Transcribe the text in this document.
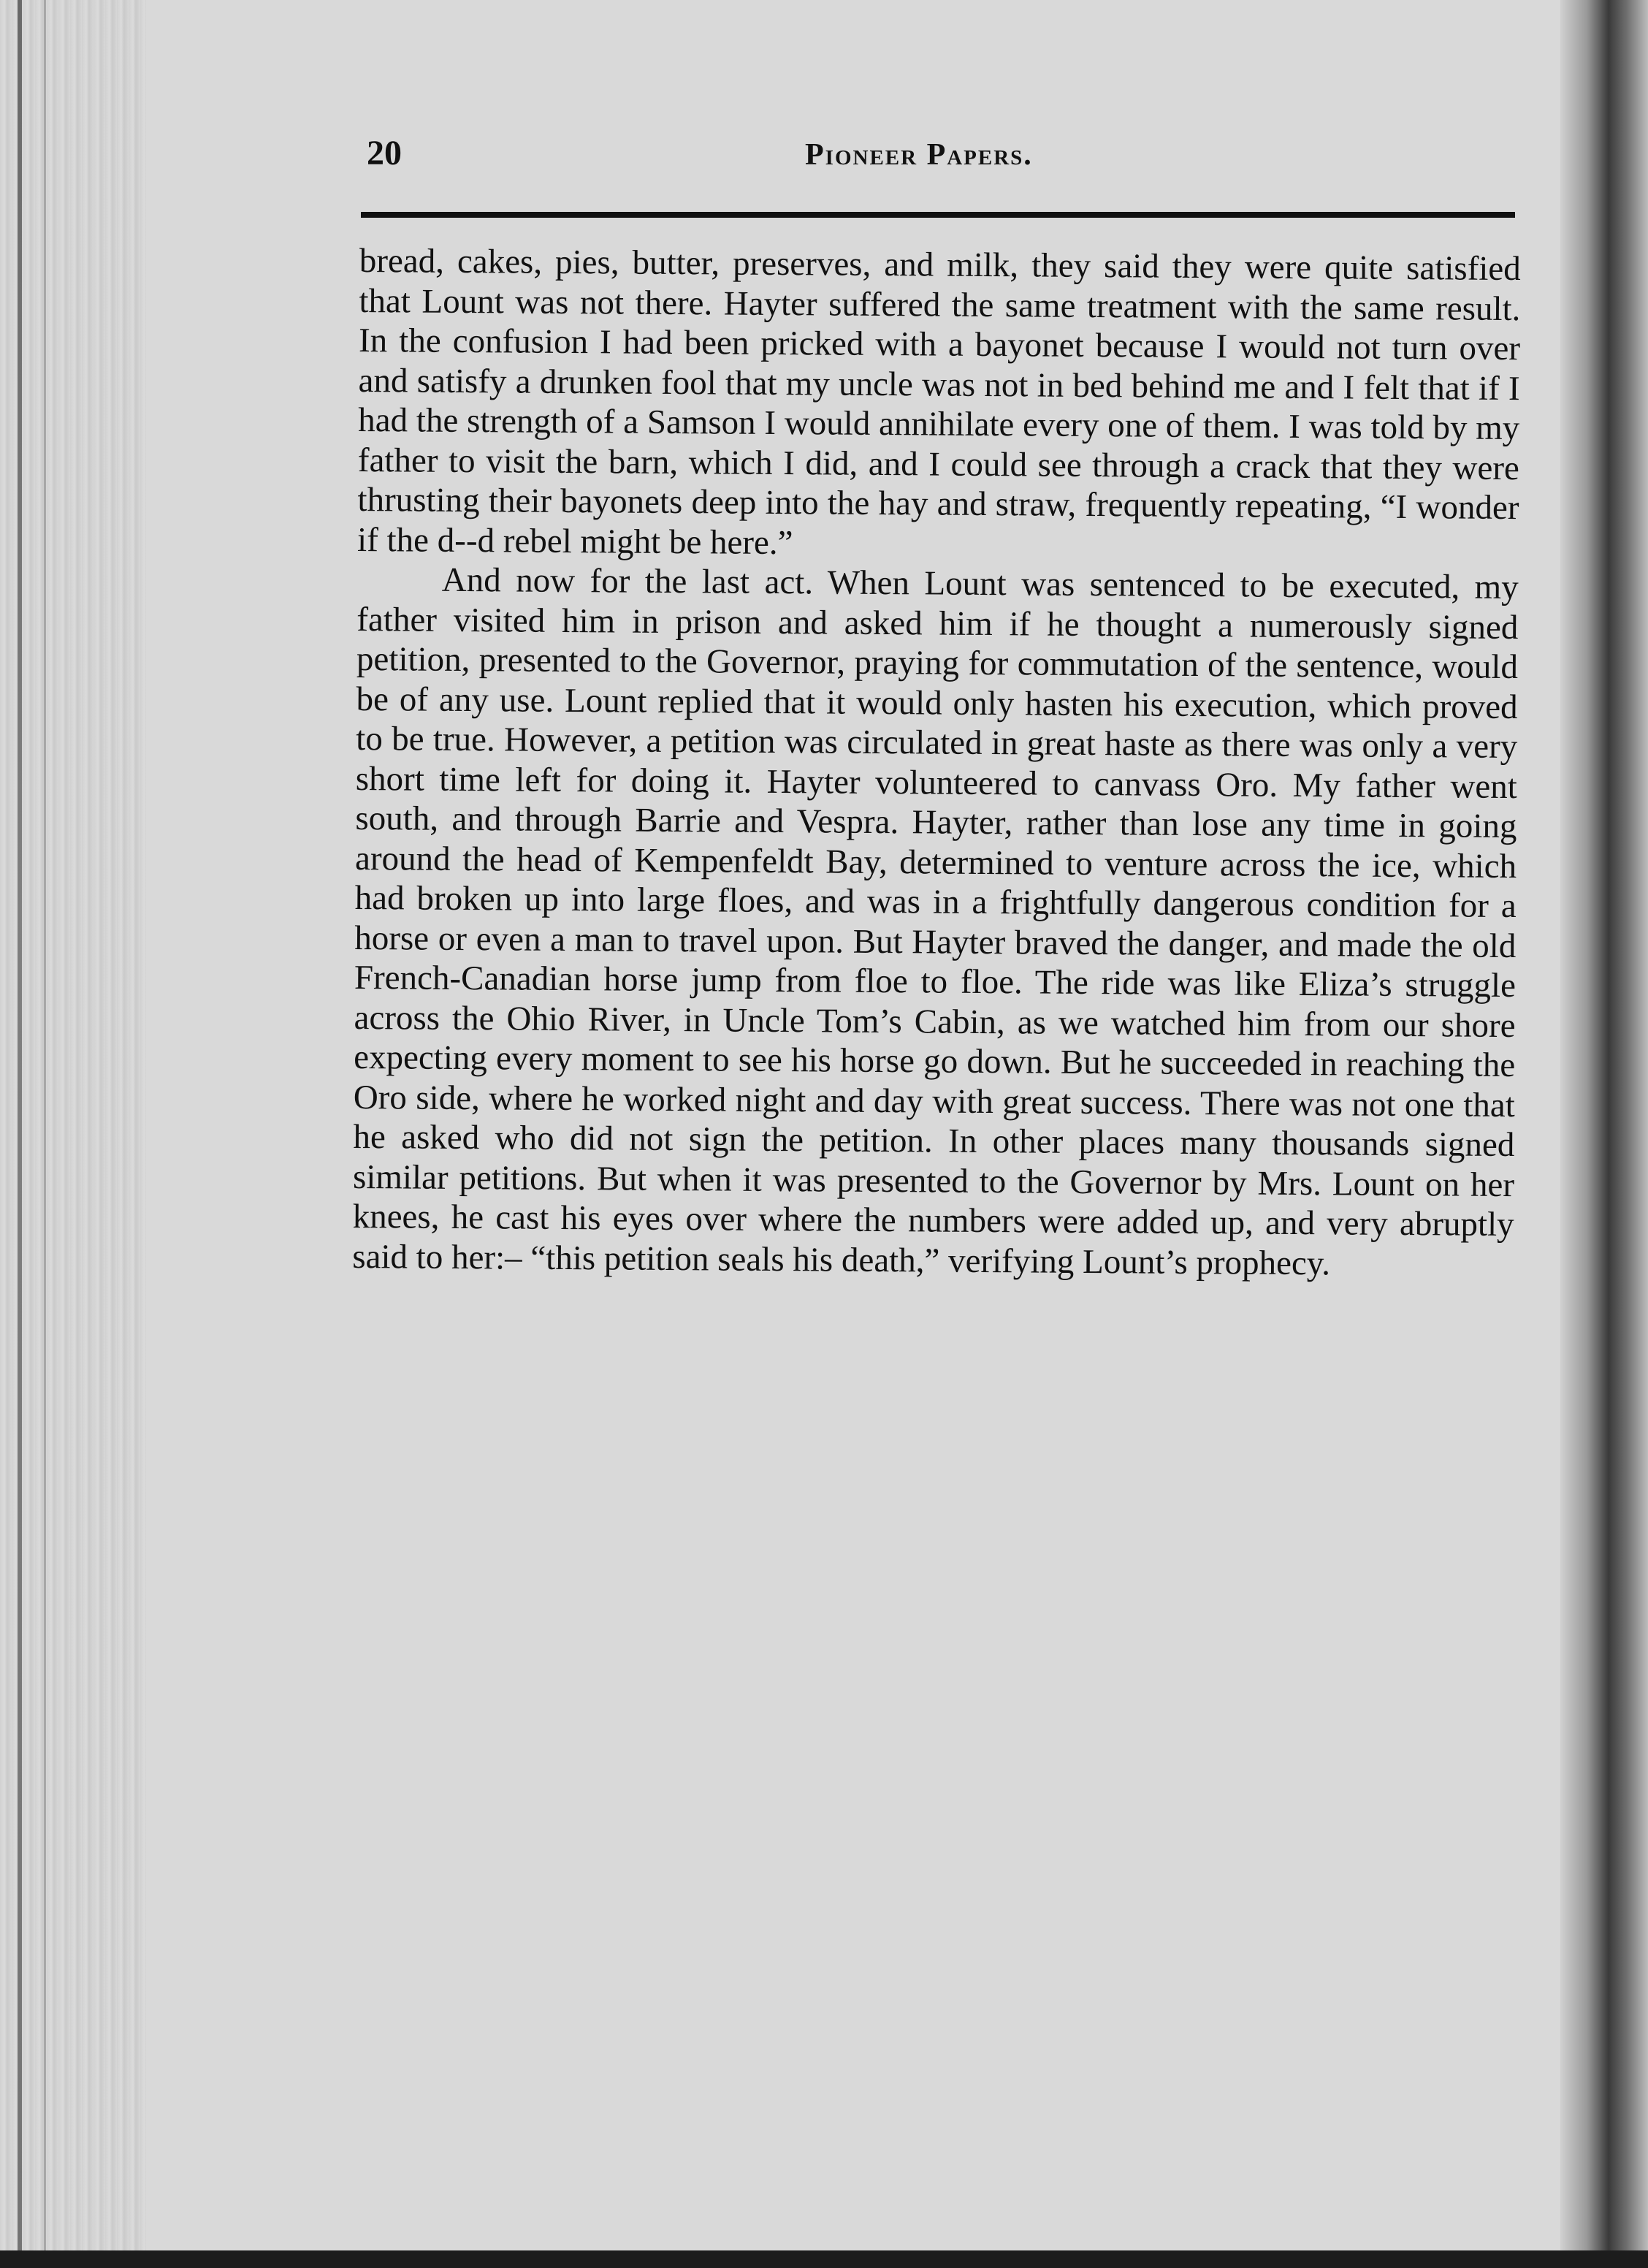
20	Pioneer Papers.

bread, cakes, pies, butter, preserves, and milk, they said they were quite satisfied that Lount was not there. Hayter suffered the same treatment with the same result. In the confusion I had been pricked with a bayonet because I would not turn over and satisfy a drunken fool that my uncle was not in bed behind me and I felt that if I had the strength of a Samson I would annihilate every one of them. I was told by my father to visit the barn, which I did, and I could see through a crack that they were thrusting their bayonets deep into the hay and straw, frequently repeating, “I wonder if the d--d rebel might be here.”

And now for the last act. When Lount was sentenced to be executed, my father visited him in prison and asked him if he thought a numerously signed petition, presented to the Governor, praying for commutation of the sentence, would be of any use. Lount replied that it would only hasten his execution, which proved to be true. However, a petition was circulated in great haste as there was only a very short time left for doing it. Hayter volunteered to canvass Oro. My father went south, and through Barrie and Vespra. Hayter, rather than lose any time in going around the head of Kempenfeldt Bay, determined to venture across the ice, which had broken up into large floes, and was in a frightfully dangerous condition for a horse or even a man to travel upon. But Hayter braved the danger, and made the old French-Canadian horse jump from floe to floe. The ride was like Eliza’s struggle across the Ohio River, in Uncle Tom’s Cabin, as we watched him from our shore expecting every moment to see his horse go down. But he succeeded in reaching the Oro side, where he worked night and day with great success. There was not one that he asked who did not sign the petition. In other places many thousands signed similar petitions. But when it was presented to the Governor by Mrs. Lount on her knees, he cast his eyes over where the numbers were added up, and very abruptly said to her:– “this petition seals his death,” verifying Lount’s prophecy.
